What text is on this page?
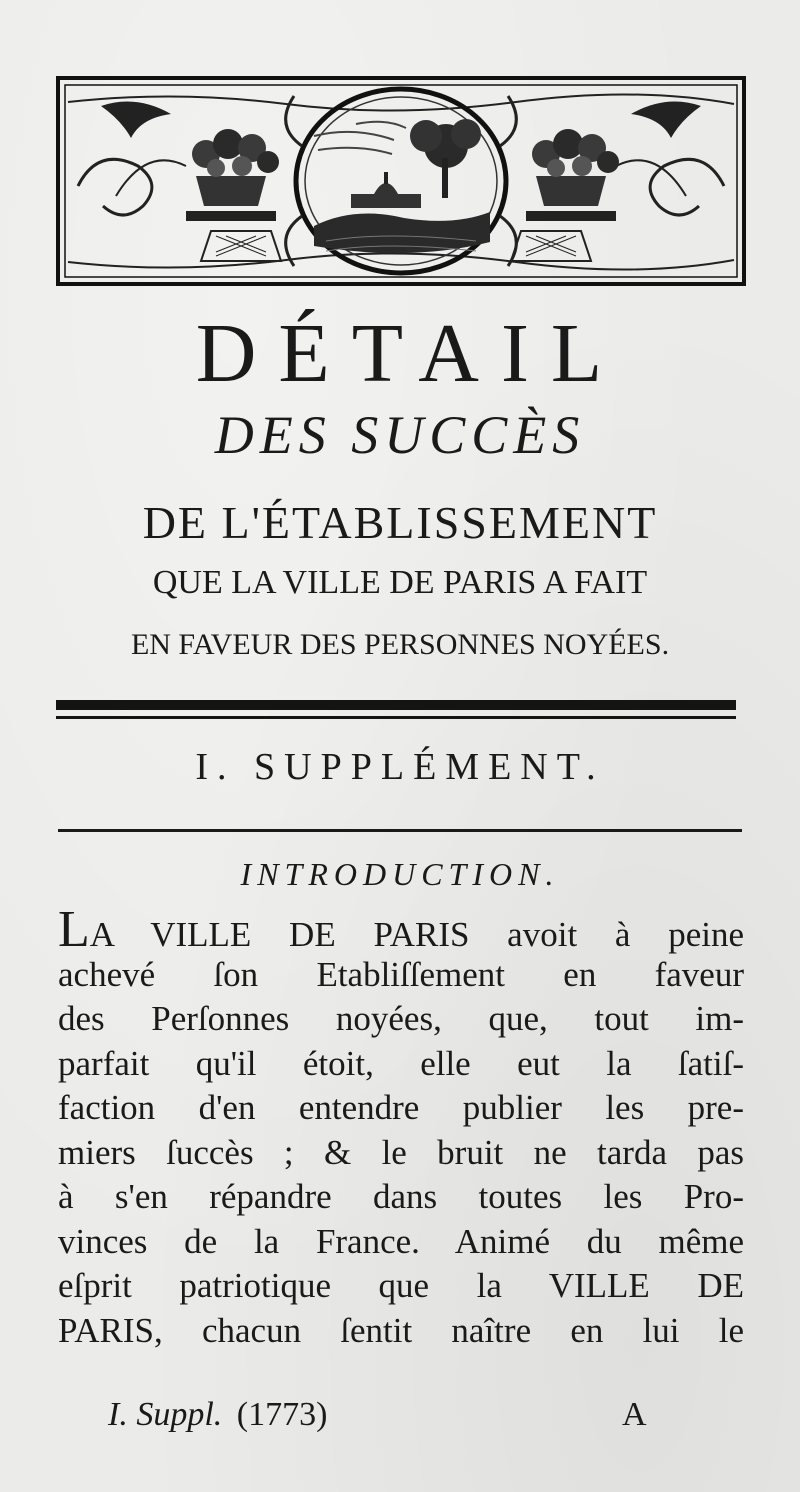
DÉTAIL
DES SUCCÈS
DE L'ÉTABLISSEMENT
QUE LA VILLE DE PARIS A FAIT
EN FAVEUR DES PERSONNES NOYÉES.
I. SUPPLÉMENT.
INTRODUCTION.
LA VILLE DE PARIS avoit à peine
achevé ſon Etabliſſement en faveur
des Perſonnes noyées, que, tout im-
parfait qu'il étoit, elle eut la ſatiſ-
faction d'en entendre publier les pre-
miers ſuccès ; & le bruit ne tarda pas
à s'en répandre dans toutes les Pro-
vinces de la France. Animé du même
eſprit patriotique que la VILLE DE
PARIS, chacun ſentit naître en lui le
I. Suppl. (1773)	A
